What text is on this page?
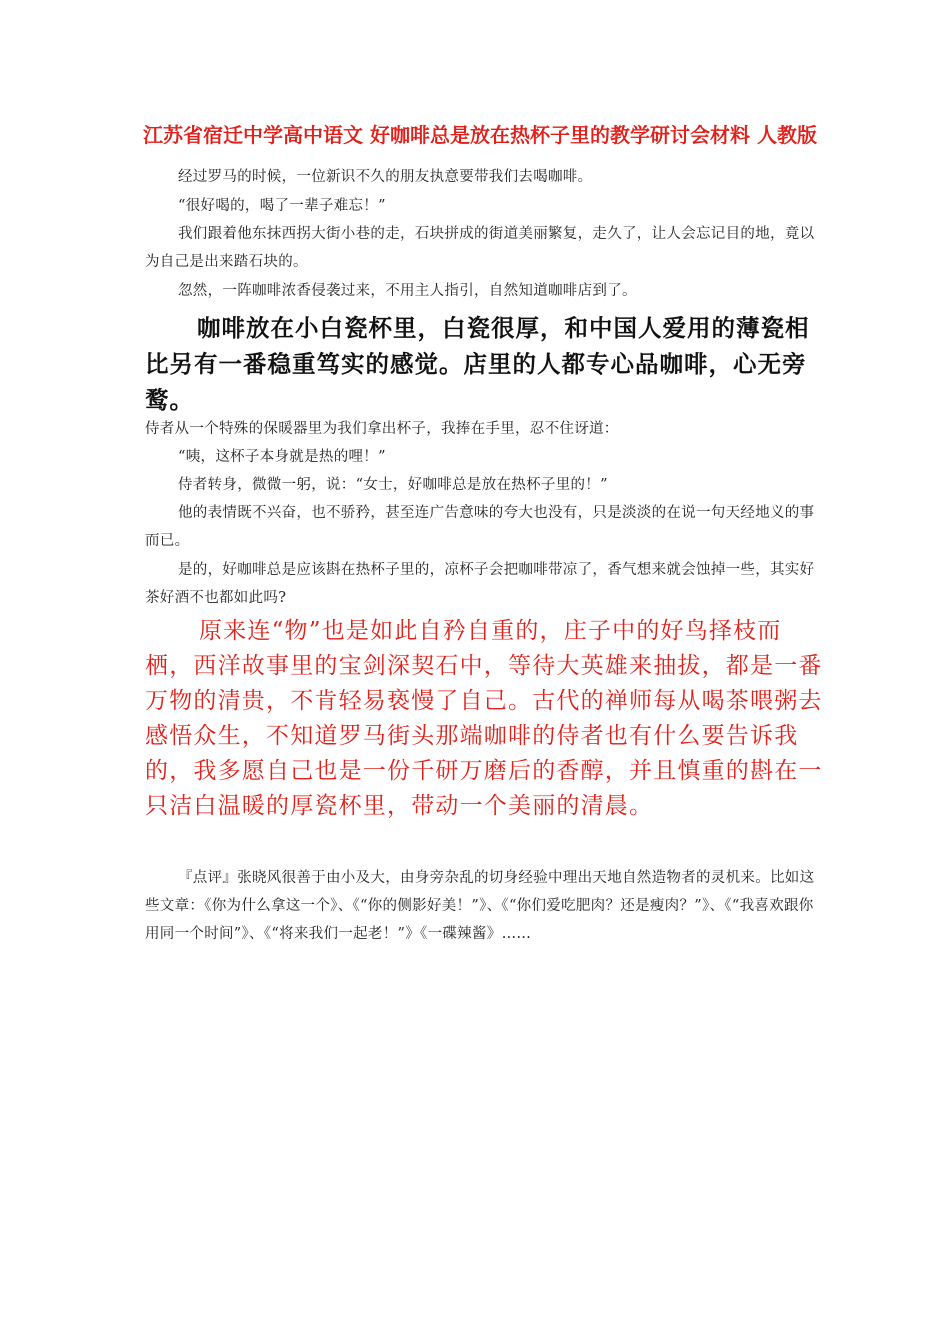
江苏省宿迁中学高中语文 好咖啡总是放在热杯子里的教学研讨会材料 人教版
经过罗马的时候，一位新识不久的朋友执意要带我们去喝咖啡。
“很好喝的，喝了一辈子难忘！”
我们跟着他东抹西拐大街小巷的走，石块拼成的街道美丽繁复，走久了，让人会忘记目的地，竟以为自己是出来踏石块的。
忽然，一阵咖啡浓香侵袭过来，不用主人指引，自然知道咖啡店到了。
咖啡放在小白瓷杯里，白瓷很厚，和中国人爱用的薄瓷相比另有一番稳重笃实的感觉。店里的人都专心品咖啡，心无旁鹜。
侍者从一个特殊的保暖器里为我们拿出杯子，我捧在手里，忍不住讶道：
“咦，这杯子本身就是热的哩！”
侍者转身，微微一躬，说：“女士，好咖啡总是放在热杯子里的！”
他的表情既不兴奋，也不骄矜，甚至连广告意味的夸大也没有，只是淡淡的在说一句天经地义的事而已。
是的，好咖啡总是应该斟在热杯子里的，凉杯子会把咖啡带凉了，香气想来就会蚀掉一些，其实好茶好酒不也都如此吗?
原来连“物”也是如此自矜自重的，庄子中的好鸟择枝而栖，西洋故事里的宝剑深契石中，等待大英雄来抽拔，都是一番万物的清贵，不肯轻易亵慢了自己。古代的禅师每从喝茶喂粥去感悟众生，不知道罗马街头那端咖啡的侍者也有什么要告诉我的，我多愿自己也是一份千研万磨后的香醇，并且慎重的斟在一只洁白温暖的厚瓷杯里，带动一个美丽的清晨。
『点评』张晓风很善于由小及大，由身旁杂乱的切身经验中理出天地自然造物者的灵机来。比如这些文章：《你为什么拿这一个》、《“你的侧影好美！”》、《“你们爱吃肥肉？还是瘦肉？”》、《“我喜欢跟你用同一个时间”》、《“将来我们一起老！”》《一碟辣酱》……
